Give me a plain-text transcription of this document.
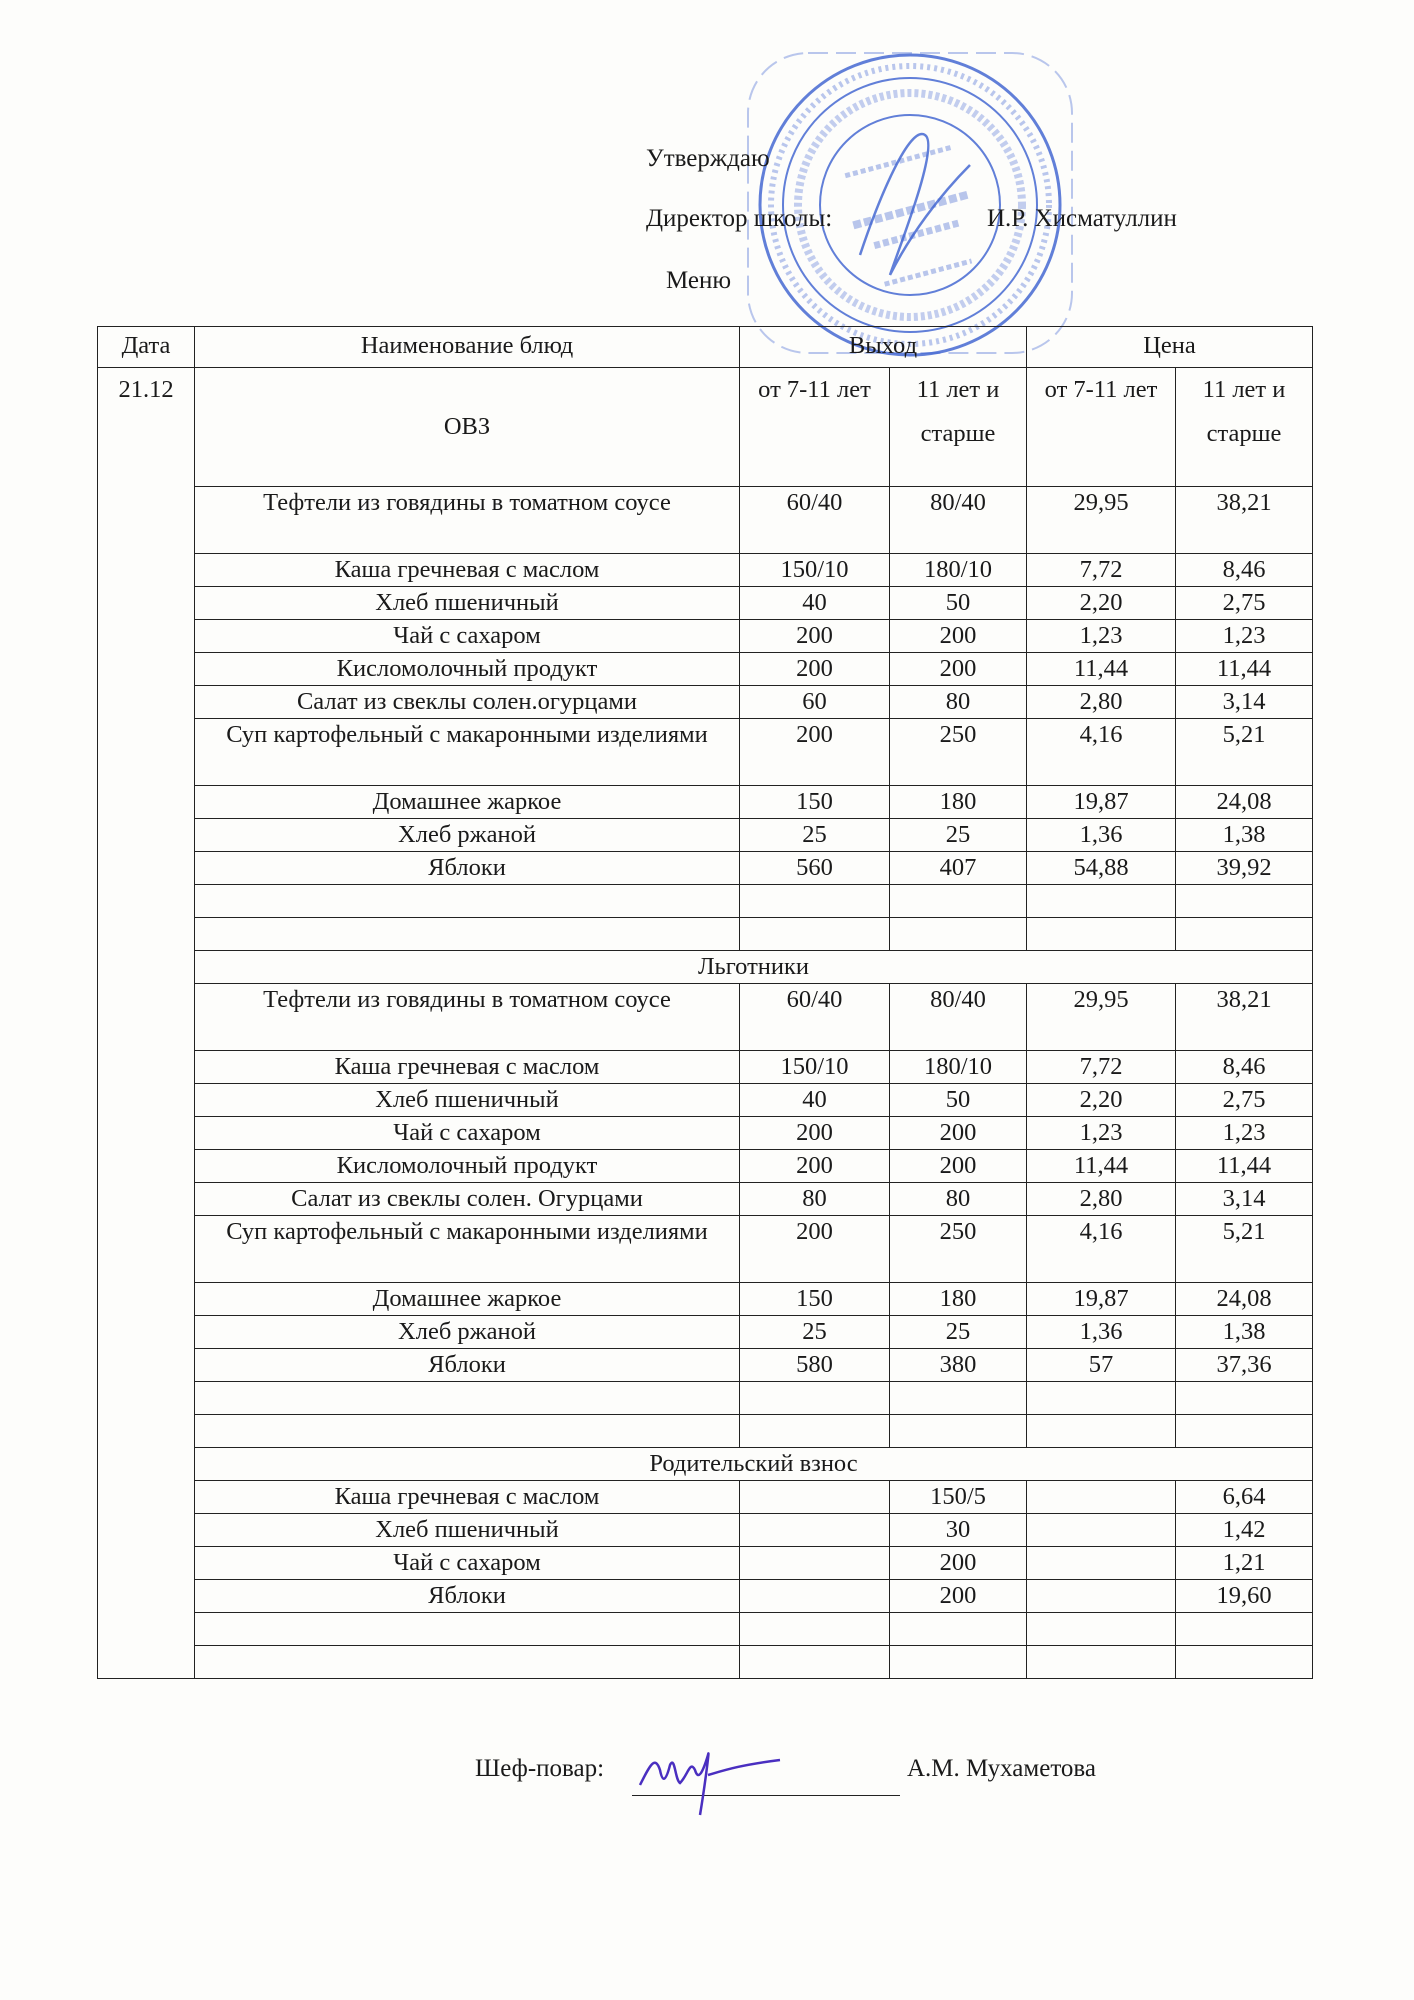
Утверждаю
Директор школы:	И.Р. Хисматуллин
Меню
Дата	Наименование блюд	Выход		Цена	
21.12	ОВЗ	от 7-11 лет	11 лет и старше	от 7-11 лет	11 лет и старше
	Тефтели из говядины в томатном соусе	60/40	80/40	29,95	38,21
	Каша гречневая с маслом	150/10	180/10	7,72	8,46
	Хлеб пшеничный	40	50	2,20	2,75
	Чай с сахаром	200	200	1,23	1,23
	Кисломолочный продукт	200	200	11,44	11,44
	Салат из свеклы солен.огурцами	60	80	2,80	3,14
	Суп картофельный с макаронными изделиями	200	250	4,16	5,21
	Домашнее жаркое	150	180	19,87	24,08
	Хлеб ржаной	25	25	1,36	1,38
	Яблоки	560	407	54,88	39,92

	Льготники				
	Тефтели из говядины в томатном соусе	60/40	80/40	29,95	38,21
	Каша гречневая с маслом	150/10	180/10	7,72	8,46
	Хлеб пшеничный	40	50	2,20	2,75
	Чай с сахаром	200	200	1,23	1,23
	Кисломолочный продукт	200	200	11,44	11,44
	Салат из свеклы солен. Огурцами	80	80	2,80	3,14
	Суп картофельный с макаронными изделиями	200	250	4,16	5,21
	Домашнее жаркое	150	180	19,87	24,08
	Хлеб ржаной	25	25	1,36	1,38
	Яблоки	580	380	57	37,36

	Родительский взнос				
	Каша гречневая с маслом		150/5		6,64
	Хлеб пшеничный		30		1,42
	Чай с сахаром		200		1,21
	Яблоки		200		19,60

Шеф-повар:	А.М. Мухаметова
